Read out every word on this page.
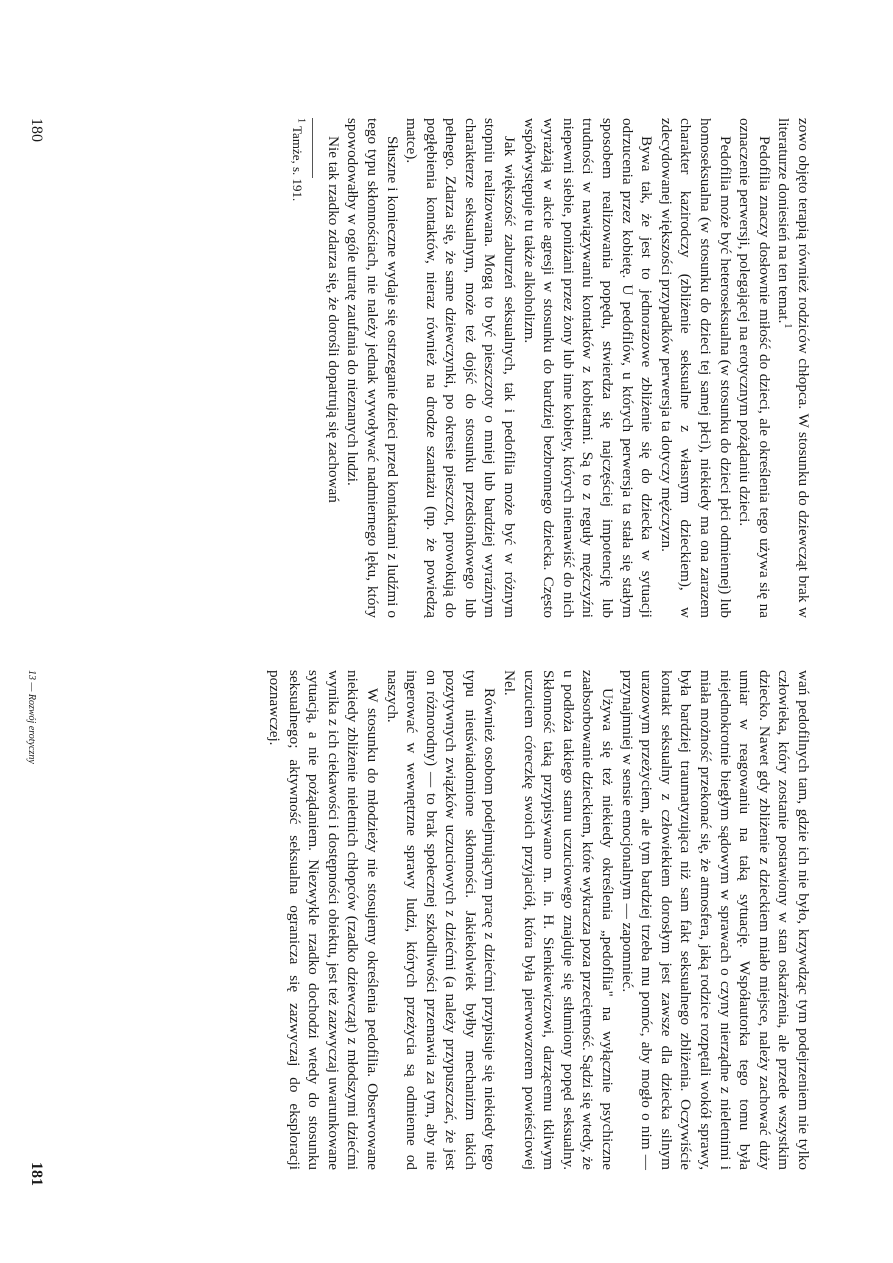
zowo objęto terapią również rodziców chłopca. W stosunku do dziewcząt brak w literaturze doniesień na ten temat.$^1$

Pedofilia znaczy dosłownie miłość do dzieci, ale określenia tego używa się na oznaczenie perwersji, polegającej na erotycznym pożądaniu dzieci.

Pedofilia może być heteroseksualna (w stosunku do dzieci płci odmiennej) lub homoseksualna (w stosunku do dzieci tej samej płci), niekiedy ma ona zarazem charakter kazirodczy (zbliżenie seksualne z własnym dzieckiem), w zdecydowanej większości przypadków perwersja ta dotyczy mężczyzn.

Bywa tak, że jest to jednorazowe zbliżenie się do dziecka w sytuacji odrzucenia przez kobietę. U pedofilów, u których perwersja ta stała się stałym sposobem realizowania popędu, stwierdza się najczęściej impotencję lub trudności w nawiązywaniu kontaktów z kobietami. Są to z reguły mężczyźni niepewni siebie, poniżani przez żony lub inne kobiety, których nienawiść do nich wyrażają w akcie agresji w stosunku do bardziej bezbronnego dziecka. Często współwystępuje tu także alkoholizm.

Jak większość zaburzeń seksualnych, tak i pedofilia może być w różnym stopniu realizowana. Mogą to być pieszczoty o mniej lub bardziej wyraźnym charakterze seksualnym, może też dojść do stosunku przedsionkowego lub pełnego. Zdarza się, że same dziewczynki, po okresie pieszczot, prowokują do pogłębienia kontaktów, nieraz również na drodze szantażu (np. że powiedzą matce).

Słuszne i konieczne wydaje się ostrzeganie dzieci przed kontaktami z ludźmi o tego typu skłonnościach, nie należy jednak wywoływać nadmiernego lęku, który spowodowałby w ogóle utratę zaufania do nieznanych ludzi.

Nie tak rzadko zdarza się, że dorośli dopatrują się zachowań

$^1$ Tamże, s. 191.

180

wań pedofilnych tam, gdzie ich nie było, krzywdząc tym podejrzeniem nie tylko człowieka, który zostanie postawiony w stan oskarżenia, ale przede wszystkim dziecko. Nawet gdy zbliżenie z dzieckiem miało miejsce, należy zachować duży umiar w reagowaniu na taką sytuację. Współautorka tego tomu była niejednokrotnie biegłym sądowym w sprawach o czyny nierządne z nieletnimi i miała możność przekonać się, że atmosfera, jaką rodzice rozpętali wokół sprawy, była bardziej traumatyzująca niż sam fakt seksualnego zbliżenia. Oczywiście kontakt seksualny z człowiekiem dorosłym jest zawsze dla dziecka silnym urazowym przeżyciem, ale tym bardziej trzeba mu pomóc, aby mogło o nim — przynajmniej w sensie emocjonalnym — zapomnieć.

Używa się też niekiedy określenia „pedofilia" na wyłącznie psychiczne zaabsorbowanie dzieckiem, które wykracza poza przeciętność. Sądzi się wtedy, że u podłoża takiego stanu uczuciowego znajduje się stłumiony popęd seksualny. Skłonność taką przypisywano m. in. H. Sienkiewiczowi, darzącemu tkliwym uczuciem córeczkę swoich przyjaciół, która była pierwowzorem powieściowej Nel.

Również osobom podejmującym pracę z dziećmi przypisuje się niekiedy tego typu nieuświadomione skłonności. Jakiekolwiek byłby mechanizm takich pozytywnych związków uczuciowych z dziećmi (a należy przypuszczać, że jest on różnorodny) — to brak społecznej szkodliwości przemawia za tym, aby nie ingerować w wewnętrzne sprawy ludzi, których przeżycia są odmienne od naszych.

W stosunku do młodzieży nie stosujemy określenia pedofilia. Obserwowane niekiedy zbliżenie nieletnich chłopców (rzadko dziewcząt) z młodszymi dziećmi wynika z ich ciekawości i dostępności obiektu, jest też zazwyczaj uwarunkowane sytuacją, a nie pożądaniem. Niezwykle rzadko dochodzi wtedy do stosunku seksualnego; aktywność seksualna ogranicza się zazwyczaj do eksploracji poznawczej.

13 — Rozwój erotyczny
181
